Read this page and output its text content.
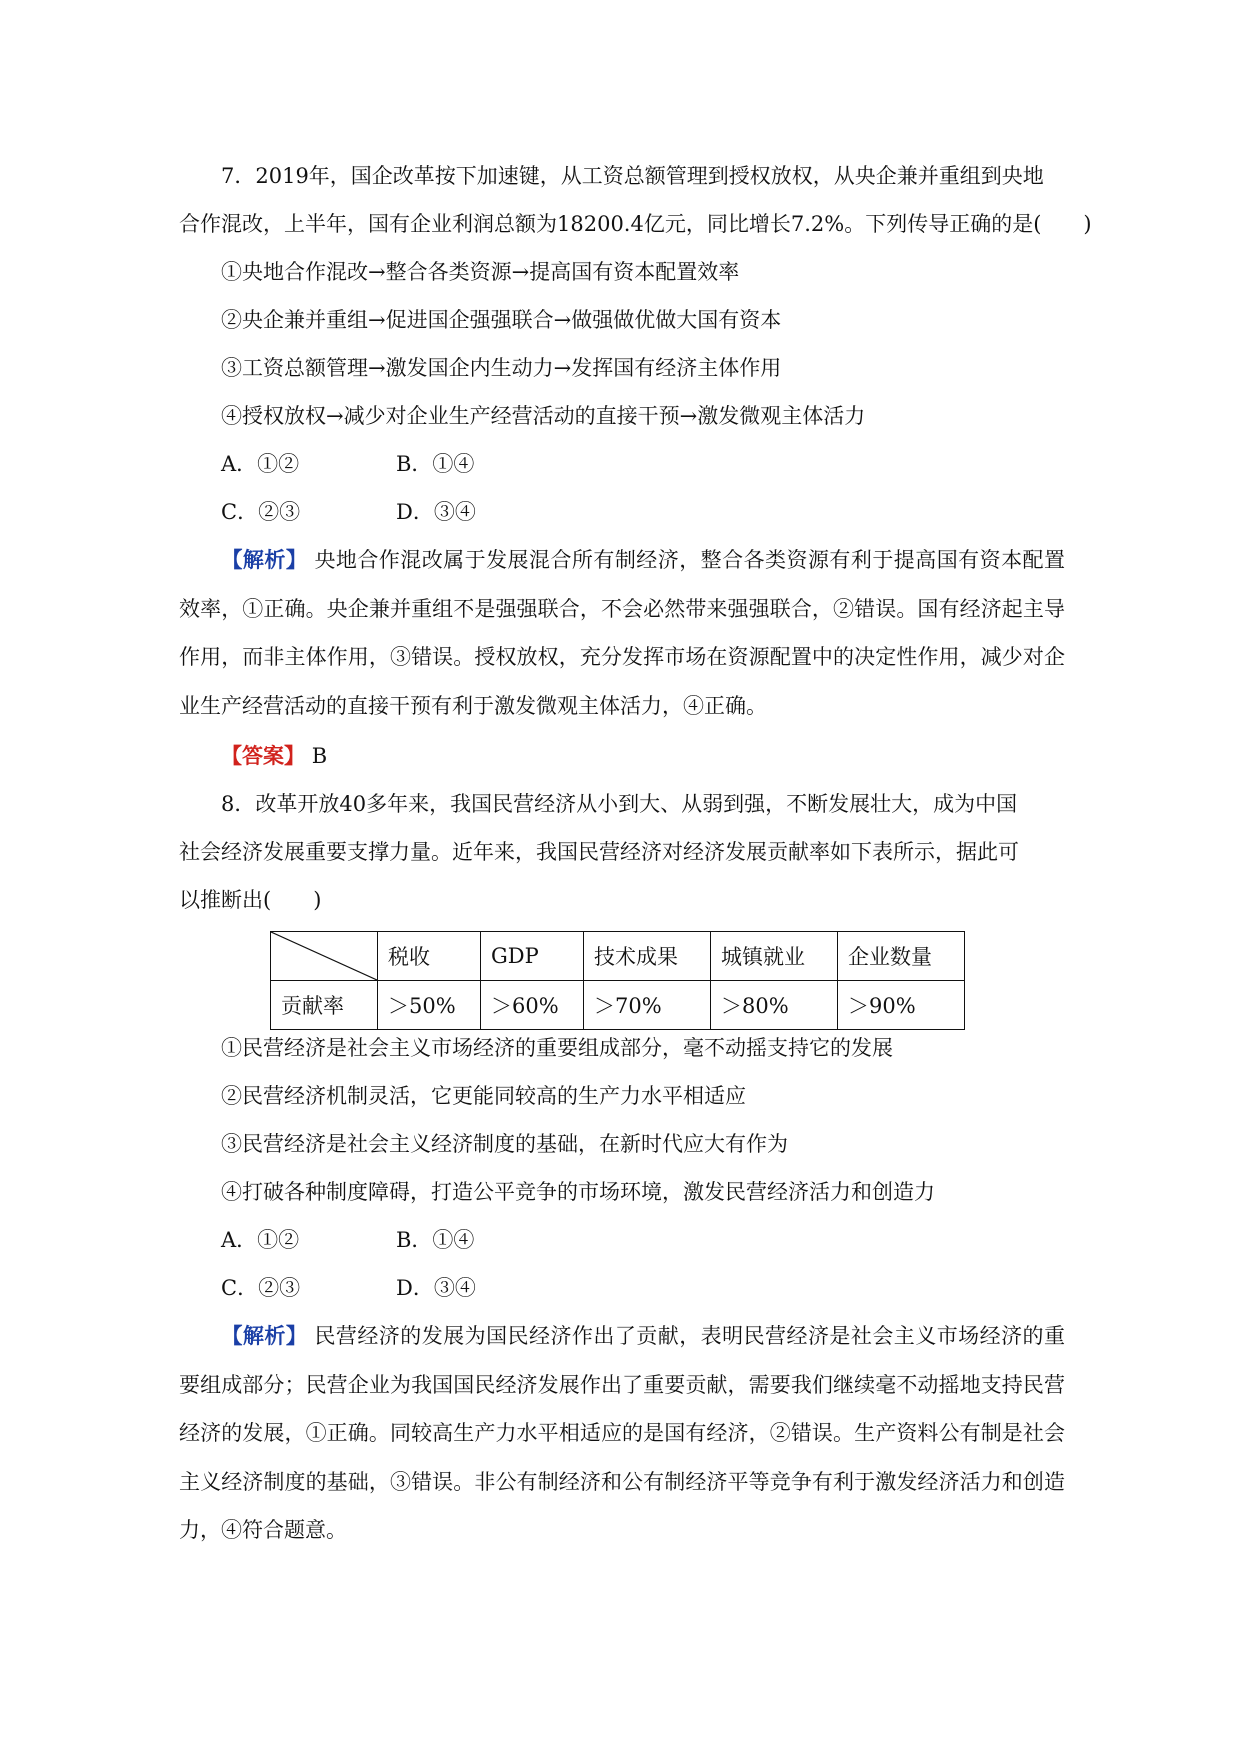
7．2019年，国企改革按下加速键，从工资总额管理到授权放权，从央企兼并重组到央地
合作混改，上半年，国有企业利润总额为18200.4亿元，同比增长7.2%。下列传导正确的是(　　)
①央地合作混改→整合各类资源→提高国有资本配置效率
②央企兼并重组→促进国企强强联合→做强做优做大国有资本
③工资总额管理→激发国企内生动力→发挥国有经济主体作用
④授权放权→减少对企业生产经营活动的直接干预→激发微观主体活力
A．①②	B．①④
C．②③	D．③④
【解析】 央地合作混改属于发展混合所有制经济，整合各类资源有利于提高国有资本配置效率，①正确。央企兼并重组不是强强联合，不会必然带来强强联合，②错误。国有经济起主导作用，而非主体作用，③错误。授权放权，充分发挥市场在资源配置中的决定性作用，减少对企业生产经营活动的直接干预有利于激发微观主体活力，④正确。
【答案】 B
8．改革开放40多年来，我国民营经济从小到大、从弱到强，不断发展壮大，成为中国
社会经济发展重要支撑力量。近年来，我国民营经济对经济发展贡献率如下表所示，据此可
以推断出(　　)
	税收	GDP	技术成果	城镇就业	企业数量
贡献率	＞50%	＞60%	＞70%	＞80%	＞90%
①民营经济是社会主义市场经济的重要组成部分，毫不动摇支持它的发展
②民营经济机制灵活，它更能同较高的生产力水平相适应
③民营经济是社会主义经济制度的基础，在新时代应大有作为
④打破各种制度障碍，打造公平竞争的市场环境，激发民营经济活力和创造力
A．①②	B．①④
C．②③	D．③④
【解析】 民营经济的发展为国民经济作出了贡献，表明民营经济是社会主义市场经济的重要组成部分；民营企业为我国国民经济发展作出了重要贡献，需要我们继续毫不动摇地支持民营经济的发展，①正确。同较高生产力水平相适应的是国有经济，②错误。生产资料公有制是社会主义经济制度的基础，③错误。非公有制经济和公有制经济平等竞争有利于激发经济活力和创造力，④符合题意。
